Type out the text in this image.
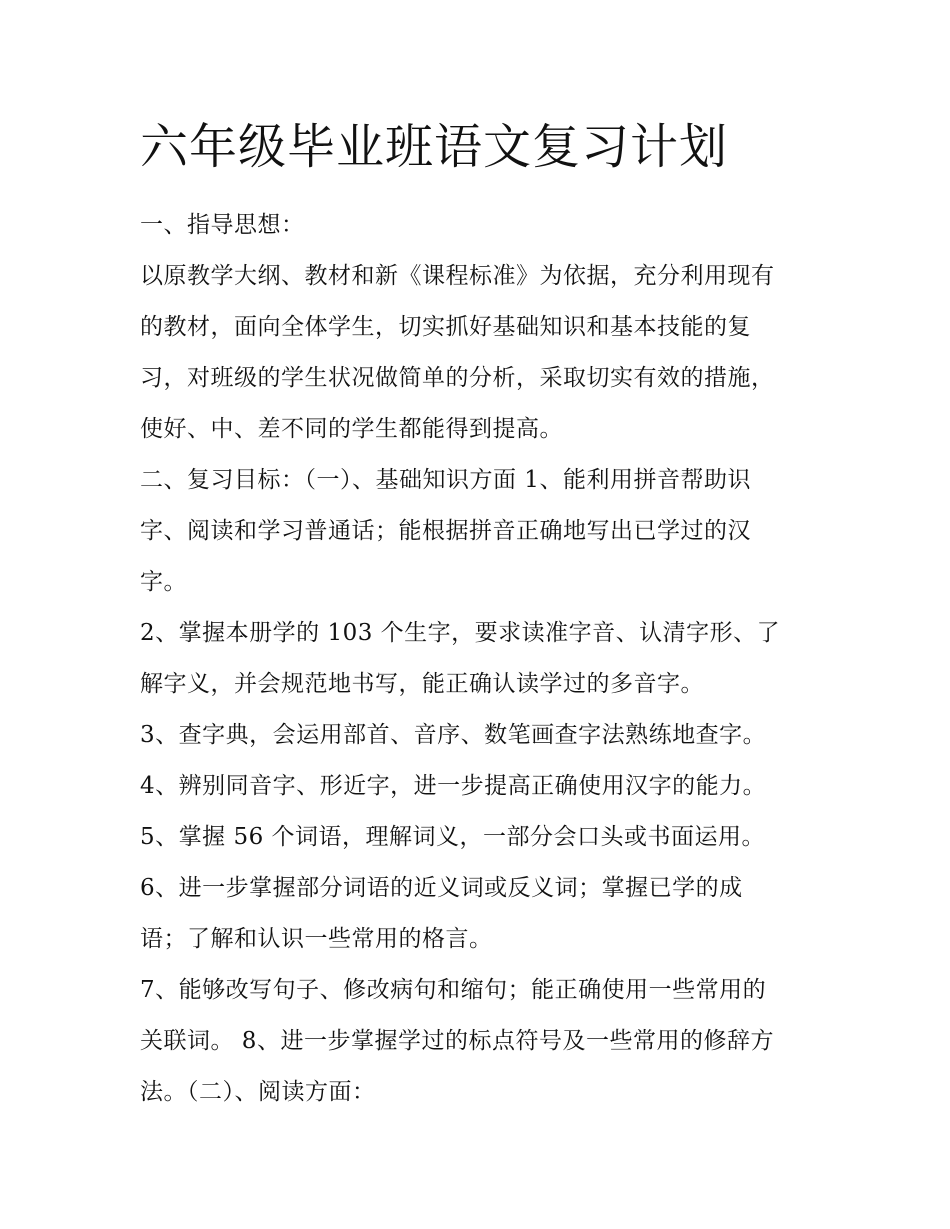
六年级毕业班语文复习计划
一、指导思想：
以原教学大纲、教材和新《课程标准》为依据，充分利用现有
的教材，面向全体学生，切实抓好基础知识和基本技能的复
习，对班级的学生状况做简单的分析，采取切实有效的措施，
使好、中、差不同的学生都能得到提高。
二、复习目标：（一）、基础知识方面 1、能利用拼音帮助识
字、阅读和学习普通话；能根据拼音正确地写出已学过的汉
字。
2、掌握本册学的 103 个生字，要求读准字音、认清字形、了
解字义，并会规范地书写，能正确认读学过的多音字。
3、查字典，会运用部首、音序、数笔画查字法熟练地查字。
4、辨别同音字、形近字，进一步提高正确使用汉字的能力。
5、掌握 56 个词语，理解词义，一部分会口头或书面运用。
6、进一步掌握部分词语的近义词或反义词；掌握已学的成
语；了解和认识一些常用的格言。
7、能够改写句子、修改病句和缩句；能正确使用一些常用的
关联词。 8、进一步掌握学过的标点符号及一些常用的修辞方
法。（二）、阅读方面：
